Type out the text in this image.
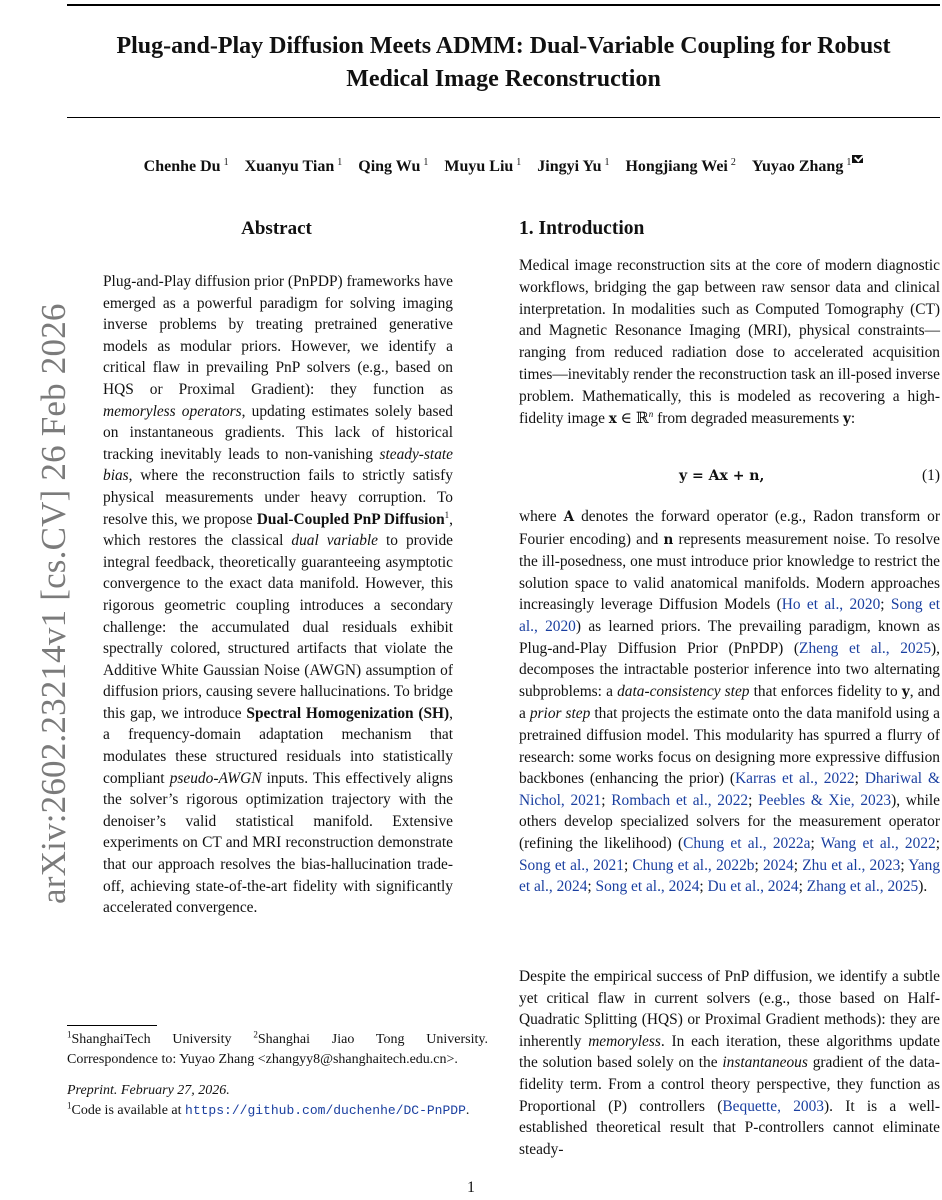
Plug-and-Play Diffusion Meets ADMM: Dual-Variable Coupling for Robust
Medical Image Reconstruction
Chenhe Du $^1$ Xuanyu Tian $^1$ Qing Wu $^1$ Muyu Liu $^1$ Jingyi Yu $^1$ Hongjiang Wei $^2$ Yuyao Zhang $^1$
arXiv:2602.23214v1 [cs.CV] 26 Feb 2026
Abstract
Plug-and-Play diffusion prior (PnPDP) frameworks have emerged as a powerful paradigm for solving imaging inverse problems by treating pretrained generative models as modular priors. However, we identify a critical flaw in prevailing PnP solvers (e.g., based on HQS or Proximal Gradient): they function as memoryless operators, updating estimates solely based on instantaneous gradients. This lack of historical tracking inevitably leads to non-vanishing steady-state bias, where the reconstruction fails to strictly satisfy physical measurements under heavy corruption. To resolve this, we propose Dual-Coupled PnP Diffusion$^1$, which restores the classical dual variable to provide integral feedback, theoretically guaranteeing asymptotic convergence to the exact data manifold. However, this rigorous geometric coupling introduces a secondary challenge: the accumulated dual residuals exhibit spectrally colored, structured artifacts that violate the Additive White Gaussian Noise (AWGN) assumption of diffusion priors, causing severe hallucinations. To bridge this gap, we introduce Spectral Homogenization (SH), a frequency-domain adaptation mechanism that modulates these structured residuals into statistically compliant pseudo-AWGN inputs. This effectively aligns the solver’s rigorous optimization trajectory with the denoiser’s valid statistical manifold. Extensive experiments on CT and MRI reconstruction demonstrate that our approach resolves the bias-hallucination trade-off, achieving state-of-the-art fidelity with significantly accelerated convergence.
1. Introduction
Medical image reconstruction sits at the core of modern diagnostic workflows, bridging the gap between raw sensor data and clinical interpretation. In modalities such as Computed Tomography (CT) and Magnetic Resonance Imaging (MRI), physical constraints—ranging from reduced radiation dose to accelerated acquisition times—inevitably render the reconstruction task an ill-posed inverse problem. Mathematically, this is modeled as recovering a high-fidelity image x ∈ ℝ$^n$ from degraded measurements y:
y = Ax + n,	(1)
where A denotes the forward operator (e.g., Radon transform or Fourier encoding) and n represents measurement noise. To resolve the ill-posedness, one must introduce prior knowledge to restrict the solution space to valid anatomical manifolds. Modern approaches increasingly leverage Diffusion Models (Ho et al., 2020; Song et al., 2020) as learned priors. The prevailing paradigm, known as Plug-and-Play Diffusion Prior (PnPDP) (Zheng et al., 2025), decomposes the intractable posterior inference into two alternating subproblems: a data-consistency step that enforces fidelity to y, and a prior step that projects the estimate onto the data manifold using a pretrained diffusion model. This modularity has spurred a flurry of research: some works focus on designing more expressive diffusion backbones (enhancing the prior) (Karras et al., 2022; Dhariwal & Nichol, 2021; Rombach et al., 2022; Peebles & Xie, 2023), while others develop specialized solvers for the measurement operator (refining the likelihood) (Chung et al., 2022a; Wang et al., 2022; Song et al., 2021; Chung et al., 2022b; 2024; Zhu et al., 2023; Yang et al., 2024; Song et al., 2024; Du et al., 2024; Zhang et al., 2025).
Despite the empirical success of PnP diffusion, we identify a subtle yet critical flaw in current solvers (e.g., those based on Half-Quadratic Splitting (HQS) or Proximal Gradient methods): they are inherently memoryless. In each iteration, these algorithms update the solution based solely on the instantaneous gradient of the data-fidelity term. From a control theory perspective, they function as Proportional (P) controllers (Bequette, 2003). It is a well-established theoretical result that P-controllers cannot eliminate steady-

$^1$ShanghaiTech University $^2$Shanghai Jiao Tong University. Correspondence to: Yuyao Zhang <zhangyy8@shanghaitech.edu.cn>.

Preprint. February 27, 2026.

$^1$Code is available at https://github.com/duchenhe/DC-PnPDP.

1
